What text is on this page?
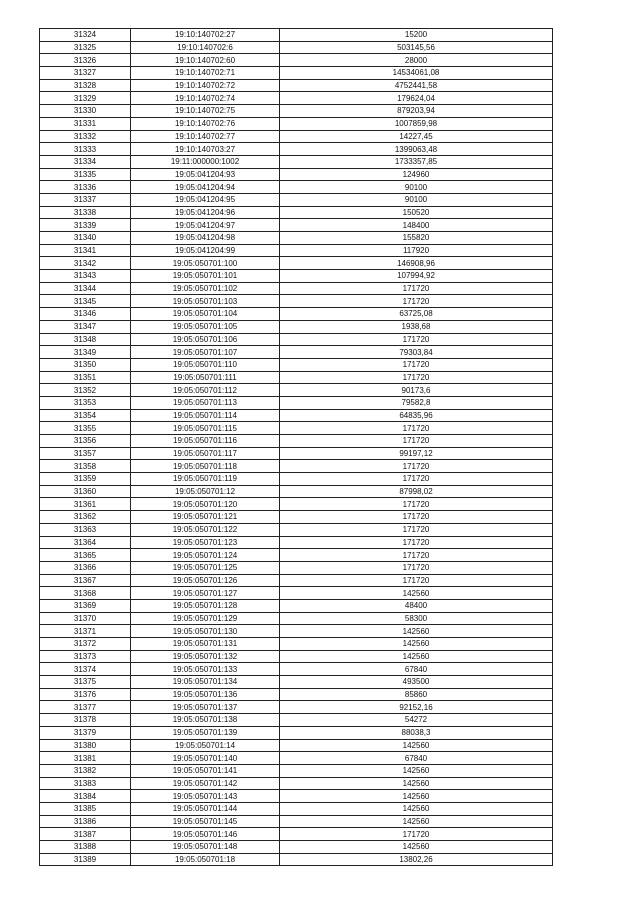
31324	19:10:140702:27	15200
31325	19:10:140702:6	503145,56
31326	19:10:140702:60	28000
31327	19:10:140702:71	14534061,08
31328	19:10:140702:72	4752441,58
31329	19:10:140702:74	179624,04
31330	19:10:140702:75	879203,94
31331	19:10:140702:76	1007859,98
31332	19:10:140702:77	14227,45
31333	19:10:140703:27	1399063,48
31334	19:11:000000:1002	1733357,85
31335	19:05:041204:93	124960
31336	19:05:041204:94	90100
31337	19:05:041204:95	90100
31338	19:05:041204:96	150520
31339	19:05:041204:97	148400
31340	19:05:041204:98	155820
31341	19:05:041204:99	117920
31342	19:05:050701:100	146908,96
31343	19:05:050701:101	107994,92
31344	19:05:050701:102	171720
31345	19:05:050701:103	171720
31346	19:05:050701:104	63725,08
31347	19:05:050701:105	1938,68
31348	19:05:050701:106	171720
31349	19:05:050701:107	79303,84
31350	19:05:050701:110	171720
31351	19:05:050701:111	171720
31352	19:05:050701:112	90173,6
31353	19:05:050701:113	79582,8
31354	19:05:050701:114	64835,96
31355	19:05:050701:115	171720
31356	19:05:050701:116	171720
31357	19:05:050701:117	99197,12
31358	19:05:050701:118	171720
31359	19:05:050701:119	171720
31360	19:05:050701:12	87998,02
31361	19:05:050701:120	171720
31362	19:05:050701:121	171720
31363	19:05:050701:122	171720
31364	19:05:050701:123	171720
31365	19:05:050701:124	171720
31366	19:05:050701:125	171720
31367	19:05:050701:126	171720
31368	19:05:050701:127	142560
31369	19:05:050701:128	48400
31370	19:05:050701:129	58300
31371	19:05:050701:130	142560
31372	19:05:050701:131	142560
31373	19:05:050701:132	142560
31374	19:05:050701:133	67840
31375	19:05:050701:134	493500
31376	19:05:050701:136	85860
31377	19:05:050701:137	92152,16
31378	19:05:050701:138	54272
31379	19:05:050701:139	88038,3
31380	19:05:050701:14	142560
31381	19:05:050701:140	67840
31382	19:05:050701:141	142560
31383	19:05:050701:142	142560
31384	19:05:050701:143	142560
31385	19:05:050701:144	142560
31386	19:05:050701:145	142560
31387	19:05:050701:146	171720
31388	19:05:050701:148	142560
31389	19:05:050701:18	13802,26
